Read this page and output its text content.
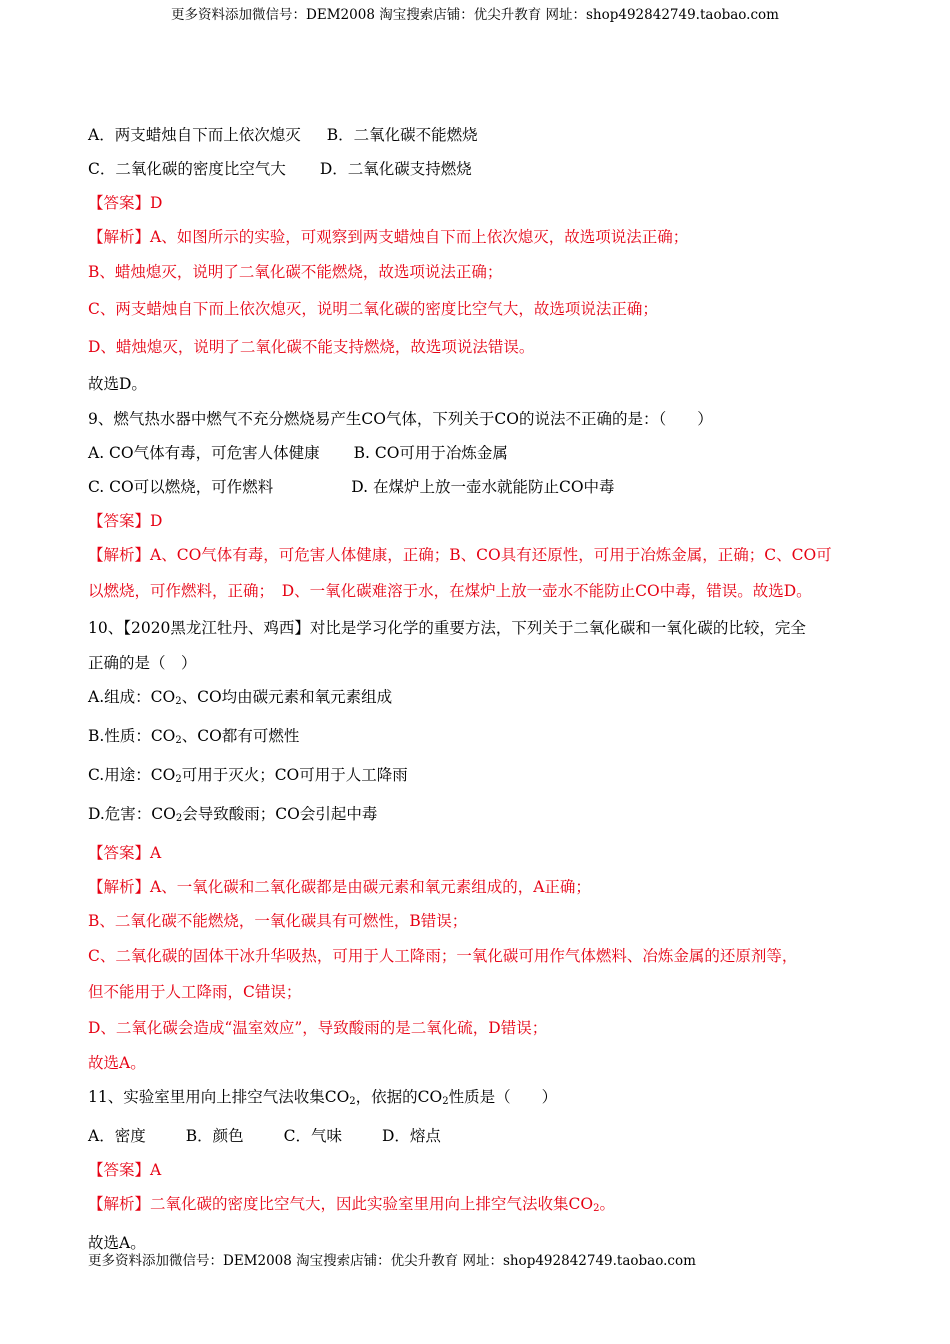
更多资料添加微信号：DEM2008 淘宝搜索店铺：优尖升教育 网址：shop492842749.taobao.com
A．两支蜡烛自下而上依次熄灭 B．二氧化碳不能燃烧
C．二氧化碳的密度比空气大 D．二氧化碳支持燃烧
【答案】D
【解析】A、如图所示的实验，可观察到两支蜡烛自下而上依次熄灭，故选项说法正确；
B、蜡烛熄灭，说明了二氧化碳不能燃烧，故选项说法正确；
C、两支蜡烛自下而上依次熄灭，说明二氧化碳的密度比空气大，故选项说法正确；
D、蜡烛熄灭，说明了二氧化碳不能支持燃烧，故选项说法错误。
故选D。
9、燃气热水器中燃气不充分燃烧易产生CO气体，下列关于CO的说法不正确的是：（　　）
A. CO气体有毒，可危害人体健康 B. CO可用于冶炼金属
C. CO可以燃烧，可作燃料	D. 在煤炉上放一壶水就能防止CO中毒
【答案】D
【解析】A、CO气体有毒，可危害人体健康，正确；B、CO具有还原性，可用于冶炼金属，正确；C、CO可
以燃烧，可作燃料，正确；　D、一氧化碳难溶于水，在煤炉上放一壶水不能防止CO中毒，错误。故选D。
10、【2020黑龙江牡丹、鸡西】对比是学习化学的重要方法，下列关于二氧化碳和一氧化碳的比较，完全
正确的是（　）
A.组成：$CO_2$、CO均由碳元素和氧元素组成
B.性质：$CO_2$、CO都有可燃性
C.用途：$CO_2$可用于灭火；CO可用于人工降雨
D.危害：$CO_2$会导致酸雨；CO会引起中毒
【答案】A
【解析】A、一氧化碳和二氧化碳都是由碳元素和氧元素组成的，A正确；
B、二氧化碳不能燃烧，一氧化碳具有可燃性，B错误；
C、二氧化碳的固体干冰升华吸热，可用于人工降雨；一氧化碳可用作气体燃料、冶炼金属的还原剂等，
但不能用于人工降雨，C错误；
D、二氧化碳会造成“温室效应”，导致酸雨的是二氧化硫，D错误；
故选A。
11、实验室里用向上排空气法收集$CO_2$，依据的$CO_2$性质是（　　）
A．密度	B．颜色	C．气味	D．熔点
【答案】A
【解析】二氧化碳的密度比空气大，因此实验室里用向上排空气法收集$CO_2$。
故选A。
更多资料添加微信号：DEM2008 淘宝搜索店铺：优尖升教育 网址：shop492842749.taobao.com
